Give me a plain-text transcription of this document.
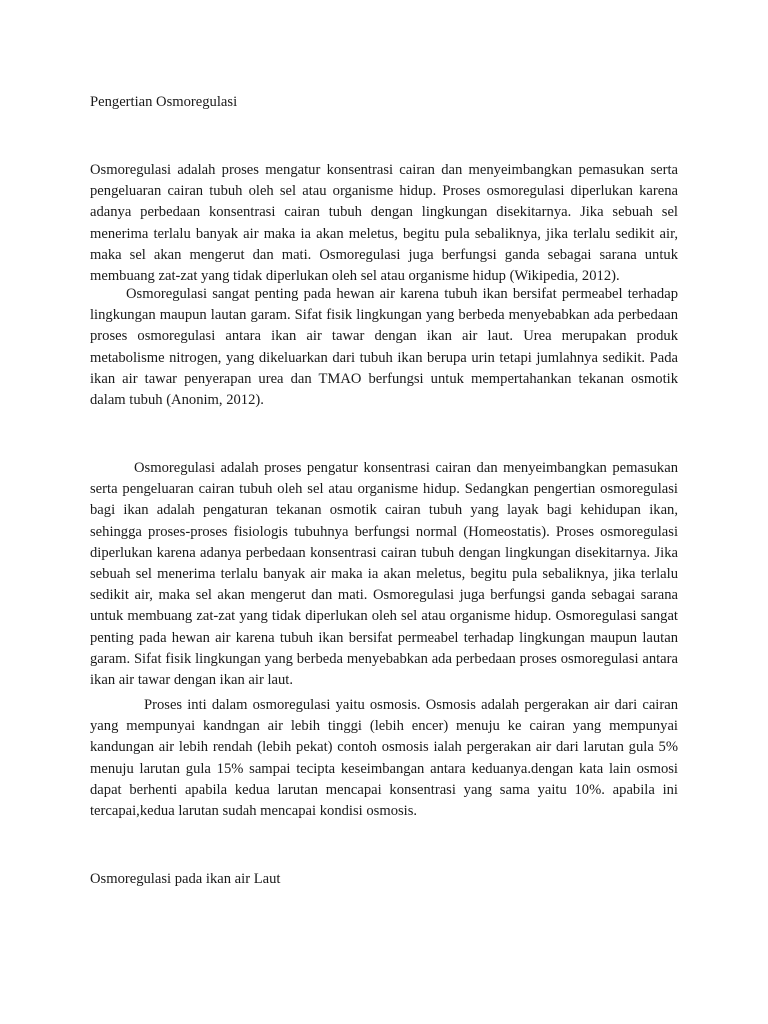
Pengertian Osmoregulasi

Osmoregulasi adalah proses mengatur konsentrasi cairan dan menyeimbangkan pemasukan serta pengeluaran cairan tubuh oleh sel atau organisme hidup. Proses osmoregulasi diperlukan karena adanya perbedaan konsentrasi cairan tubuh dengan lingkungan disekitarnya. Jika sebuah sel menerima terlalu banyak air maka ia akan meletus, begitu pula sebaliknya, jika terlalu sedikit air, maka sel akan mengerut dan mati. Osmoregulasi juga berfungsi ganda sebagai sarana untuk membuang zat-zat yang tidak diperlukan oleh sel atau organisme hidup (Wikipedia, 2012).

Osmoregulasi sangat penting pada hewan air karena tubuh ikan bersifat permeabel terhadap lingkungan maupun lautan garam. Sifat fisik lingkungan yang berbeda menyebabkan ada perbedaan proses osmoregulasi antara ikan air tawar dengan ikan air laut. Urea merupakan produk metabolisme nitrogen, yang dikeluarkan dari tubuh ikan berupa urin tetapi jumlahnya sedikit. Pada ikan air tawar penyerapan urea dan TMAO berfungsi untuk mempertahankan tekanan osmotik dalam tubuh (Anonim, 2012).

Osmoregulasi adalah proses pengatur konsentrasi cairan dan menyeimbangkan pemasukan serta pengeluaran cairan tubuh oleh sel atau organisme hidup. Sedangkan pengertian osmoregulasi bagi ikan adalah pengaturan tekanan osmotik cairan tubuh yang layak bagi kehidupan ikan, sehingga proses-proses fisiologis tubuhnya berfungsi normal (Homeostatis). Proses osmoregulasi diperlukan karena adanya perbedaan konsentrasi cairan tubuh dengan lingkungan disekitarnya. Jika sebuah sel menerima terlalu banyak air maka ia akan meletus, begitu pula sebaliknya, jika terlalu sedikit air, maka sel akan mengerut dan mati. Osmoregulasi juga berfungsi ganda sebagai sarana untuk membuang zat-zat yang tidak diperlukan oleh sel atau organisme hidup. Osmoregulasi sangat penting pada hewan air karena tubuh ikan bersifat permeabel terhadap lingkungan maupun lautan garam. Sifat fisik lingkungan yang berbeda menyebabkan ada perbedaan proses osmoregulasi antara ikan air tawar dengan ikan air laut.

Proses inti dalam osmoregulasi yaitu osmosis. Osmosis adalah pergerakan air dari cairan yang mempunyai kandngan air lebih tinggi (lebih encer) menuju ke cairan yang mempunyai kandungan air lebih rendah (lebih pekat) contoh osmosis ialah pergerakan air dari larutan gula 5% menuju larutan gula 15% sampai tecipta keseimbangan antara keduanya.dengan kata lain osmosi dapat berhenti apabila kedua larutan mencapai konsentrasi yang sama yaitu 10%. apabila ini tercapai,kedua larutan sudah mencapai kondisi osmosis.

Osmoregulasi pada ikan air Laut
